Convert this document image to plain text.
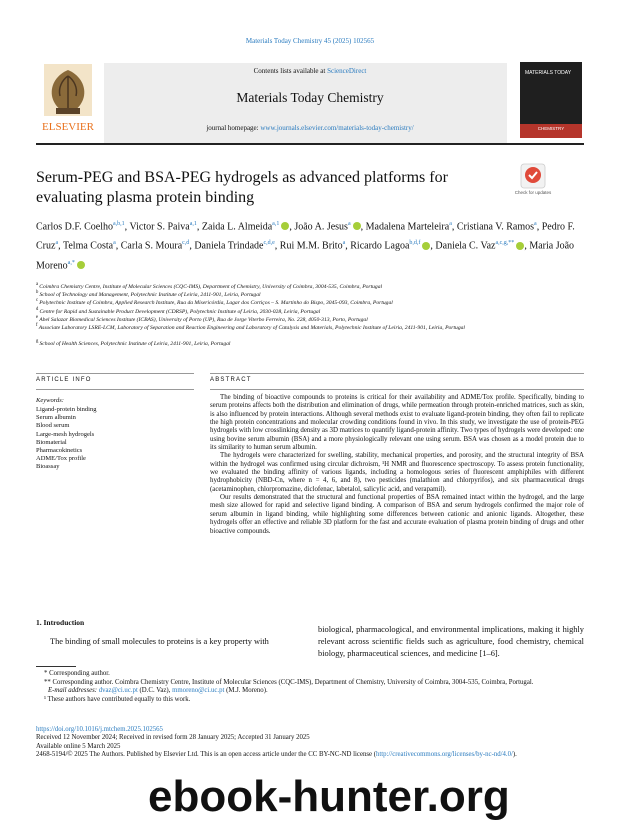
Materials Today Chemistry 45 (2025) 102565
Contents lists available at ScienceDirect
Materials Today Chemistry
journal homepage: www.journals.elsevier.com/materials-today-chemistry/
ELSEVIER
MATERIALS TODAY
CHEMISTRY
Serum-PEG and BSA-PEG hydrogels as advanced platforms for evaluating plasma protein binding	Check for updates
Carlos D.F. Coelho$^{a,b,1}$, Victor S. Paiva$^{a,1}$, Zaida L. Almeida$^{a,1}$ , João A. Jesus$^a$ , Madalena Marteleira$^a$, Cristiana V. Ramos$^a$, Pedro F. Cruz$^a$, Telma Costa$^a$, Carla S. Moura$^{c,d}$, Daniela Trindade$^{c,d,e}$, Rui M.M. Brito$^a$, Ricardo Lagoa$^{b,d,f}$ , Daniela C. Vaz$^{a,c,g,**}$ , Maria João Moreno$^{a,*}$
$^a$ Coimbra Chemistry Centre, Institute of Molecular Sciences (CQC-IMS), Department of Chemistry, University of Coimbra, 3004-535, Coimbra, Portugal
$^b$ School of Technology and Management, Polytechnic Institute of Leiria, 2411-901, Leiria, Portugal
$^c$ Polytechnic Institute of Coimbra, Applied Research Institute, Rua da Misericórdia, Lagar dos Cortiços – S. Martinho do Bispo, 3045-093, Coimbra, Portugal
$^d$ Centre for Rapid and Sustainable Product Development (CDRSP), Polytechnic Institute of Leiria, 2030-028, Leiria, Portugal
$^e$ Abel Salazar Biomedical Sciences Institute (ICBAS), University of Porto (UP), Rua de Jorge Viterbo Ferreira, No. 228, 4050-313, Porto, Portugal
$^f$ Associate Laboratory LSRE-LCM, Laboratory of Separation and Reaction Engineering and Laboratory of Catalysis and Materials, Polytechnic Institute of Leiria, 2411-901, Leiria, Portugal
$^g$ School of Health Sciences, Polytechnic Institute of Leiria, 2411-901, Leiria, Portugal
ARTICLE INFO	ABSTRACT
Keywords:
Ligand-protein binding
Serum albumin
Blood serum
Large-mesh hydrogels
Biomaterial
Pharmacokinetics
ADME/Tox profile
Bioassay

The binding of bioactive compounds to proteins is critical for their availability and ADME/Tox profile. Specifically, binding to serum proteins affects both the distribution and elimination of drugs, while permeation through protein-enriched matrices, such as skin, is also influenced by protein interactions. Although several methods exist to evaluate ligand-protein binding, they often fail to replicate the high protein concentrations and molecular crowding conditions found in vivo. In this study, we investigate the use of protein-PEG hydrogels with low crosslinking density as 3D matrices to quantify ligand-protein affinity. Two types of hydrogels were developed: one using bovine serum albumin (BSA) and a more physiologically relevant one using serum. BSA was chosen as a model protein due to its similarity to human serum albumin.

The hydrogels were characterized for swelling, stability, mechanical properties, and porosity, and the structural integrity of BSA within the hydrogel was confirmed using circular dichroism, ¹H NMR and fluorescence spectroscopy. To assess protein functionality, we evaluated the binding affinity of various ligands, including a homologous series of fluorescent amphiphiles with different hydrophobicity (NBD-Cn, where n = 4, 6, and 8), two pesticides (malathion and chlorpyrifos), and six pharmaceutical drugs (acetaminophen, chlorpromazine, diclofenac, labetalol, salicylic acid, and verapamil).

Our results demonstrated that the structural and functional properties of BSA remained intact within the hydrogel, and the large mesh size allowed for rapid and selective ligand binding. A comparison of BSA and serum hydrogels confirmed the major role of serum albumin in ligand binding, while highlighting some differences between cationic and anionic ligands. Altogether, these hydrogels offer an effective and reliable 3D platform for the fast and accurate evaluation of plasma protein binding of drugs and other bioactive compounds.

1. Introduction
The binding of small molecules to proteins is a key property with
biological, pharmacological, and environmental implications, making it highly relevant across scientific fields such as agriculture, food chemistry, chemical biology, pharmaceutical sciences, and medicine [1–6].
* Corresponding author.
** Corresponding author. Coimbra Chemistry Centre, Institute of Molecular Sciences (CQC-IMS), Department of Chemistry, University of Coimbra, 3004-535, Coimbra, Portugal.
E-mail addresses: dvaz@ci.uc.pt (D.C. Vaz), mmoreno@ci.uc.pt (M.J. Moreno).
¹ These authors have contributed equally to this work.
https://doi.org/10.1016/j.mtchem.2025.102565
Received 12 November 2024; Received in revised form 28 January 2025; Accepted 31 January 2025
Available online 5 March 2025
2468-5194/© 2025 The Authors. Published by Elsevier Ltd. This is an open access article under the CC BY-NC-ND license (http://creativecommons.org/licenses/by-nc-nd/4.0/).
ebook-hunter.org
